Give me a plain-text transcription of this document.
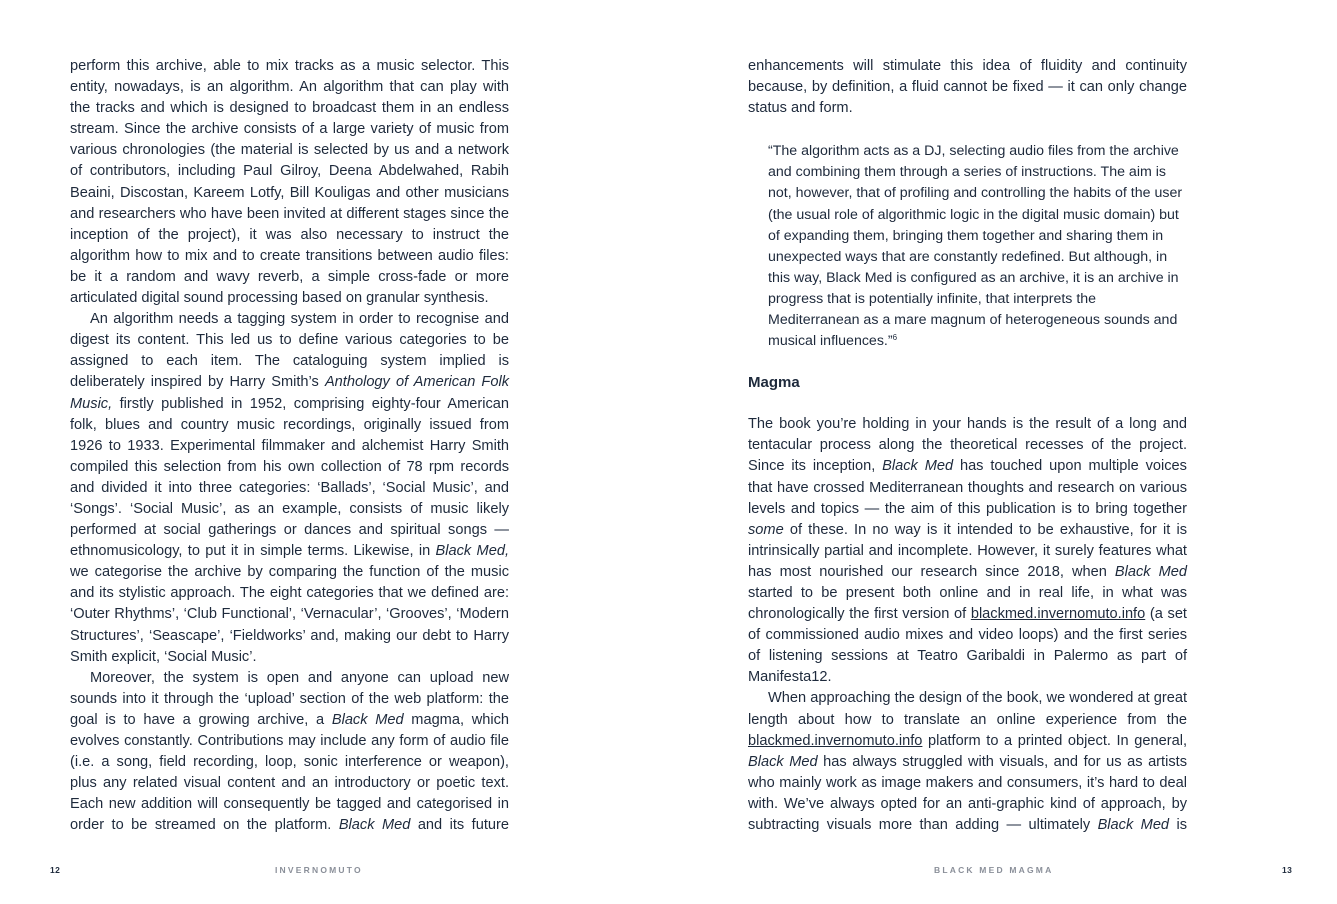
perform this archive, able to mix tracks as a music selector. This entity, nowadays, is an algorithm. An algorithm that can play with the tracks and which is designed to broadcast them in an endless stream. Since the archive consists of a large variety of music from various chronologies (the material is selected by us and a network of contributors, including Paul Gilroy, Deena Abdelwahed, Rabih Beaini, Discostan, Kareem Lotfy, Bill Kouligas and other musicians and researchers who have been invited at different stages since the inception of the project), it was also necessary to instruct the algorithm how to mix and to create transitions between audio files: be it a random and wavy reverb, a simple cross-fade or more articulated digital sound processing based on granular synthesis.

An algorithm needs a tagging system in order to recognise and digest its content. This led us to define various categories to be assigned to each item. The cataloguing system implied is deliberately inspired by Harry Smith’s Anthology of American Folk Music, firstly published in 1952, comprising eighty-four American folk, blues and country music recordings, originally issued from 1926 to 1933. Experimental filmmaker and alchemist Harry Smith compiled this selection from his own collection of 78 rpm records and divided it into three categories: ‘Ballads’, ‘Social Music’, and ‘Songs’. ‘Social Music’, as an example, consists of music likely performed at social gatherings or dances and spiritual songs — ethnomusicology, to put it in simple terms. Likewise, in Black Med, we categorise the archive by comparing the function of the music and its stylistic approach. The eight categories that we defined are: ‘Outer Rhythms’, ‘Club Functional’, ‘Vernacular’, ‘Grooves’, ‘Modern Structures’, ‘Seascape’, ‘Fieldworks’ and, making our debt to Harry Smith explicit, ‘Social Music’.

Moreover, the system is open and anyone can upload new sounds into it through the ‘upload’ section of the web platform: the goal is to have a growing archive, a Black Med magma, which evolves constantly. Contributions may include any form of audio file (i.e. a song, field recording, loop, sonic interference or weapon), plus any related visual content and an introductory or poetic text. Each new addition will consequently be tagged and categorised in order to be streamed on the platform. Black Med and its future

12	INVERNOMUTO

enhancements will stimulate this idea of fluidity and continuity because, by definition, a fluid cannot be fixed — it can only change status and form.

“The algorithm acts as a DJ, selecting audio files from the archive and combining them through a series of instructions. The aim is not, however, that of profiling and controlling the habits of the user (the usual role of algorithmic logic in the digital music domain) but of expanding them, bringing them together and sharing them in unexpected ways that are constantly redefined. But although, in this way, Black Med is configured as an archive, it is an archive in progress that is potentially infinite, that interprets the Mediterranean as a mare magnum of heterogeneous sounds and musical influences.”$^6$

Magma

The book you’re holding in your hands is the result of a long and tentacular process along the theoretical recesses of the project. Since its inception, Black Med has touched upon multiple voices that have crossed Mediterranean thoughts and research on various levels and topics — the aim of this publication is to bring together some of these. In no way is it intended to be exhaustive, for it is intrinsically partial and incomplete. However, it surely features what has most nourished our research since 2018, when Black Med started to be present both online and in real life, in what was chronologically the first version of blackmed.invernomuto.info (a set of commissioned audio mixes and video loops) and the first series of listening sessions at Teatro Garibaldi in Palermo as part of Manifesta12.

When approaching the design of the book, we wondered at great length about how to translate an online experience from the blackmed.invernomuto.info platform to a printed object. In general, Black Med has always struggled with visuals, and for us as artists who mainly work as image makers and consumers, it’s hard to deal with. We’ve always opted for an anti-graphic kind of approach, by subtracting visuals more than adding — ultimately Black Med is

BLACK MED MAGMA	13
